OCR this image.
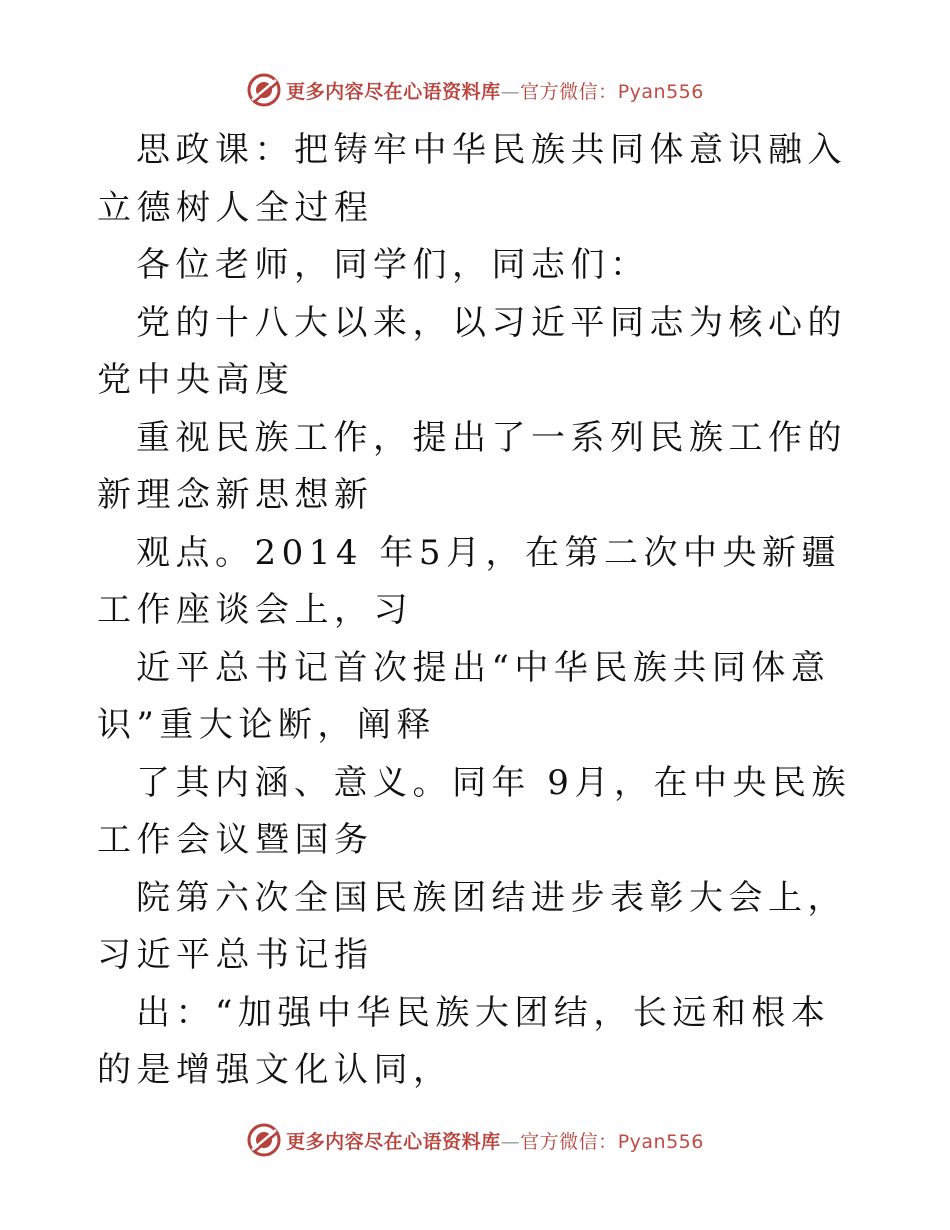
更多内容尽在心语资料库—官方微信：Pyan556

思政课：把铸牢中华民族共同体意识融入立德树人全过程

各位老师，同学们，同志们：

党的十八大以来，以习近平同志为核心的党中央高度

重视民族工作，提出了一系列民族工作的新理念新思想新

观点。2014 年5月，在第二次中央新疆工作座谈会上，习

近平总书记首次提出“中华民族共同体意识”重大论断，阐释

了其内涵、意义。同年 9月，在中央民族工作会议暨国务

院第六次全国民族团结进步表彰大会上，习近平总书记指

出：“加强中华民族大团结，长远和根本的是增强文化认同，

更多内容尽在心语资料库—官方微信：Pyan556
